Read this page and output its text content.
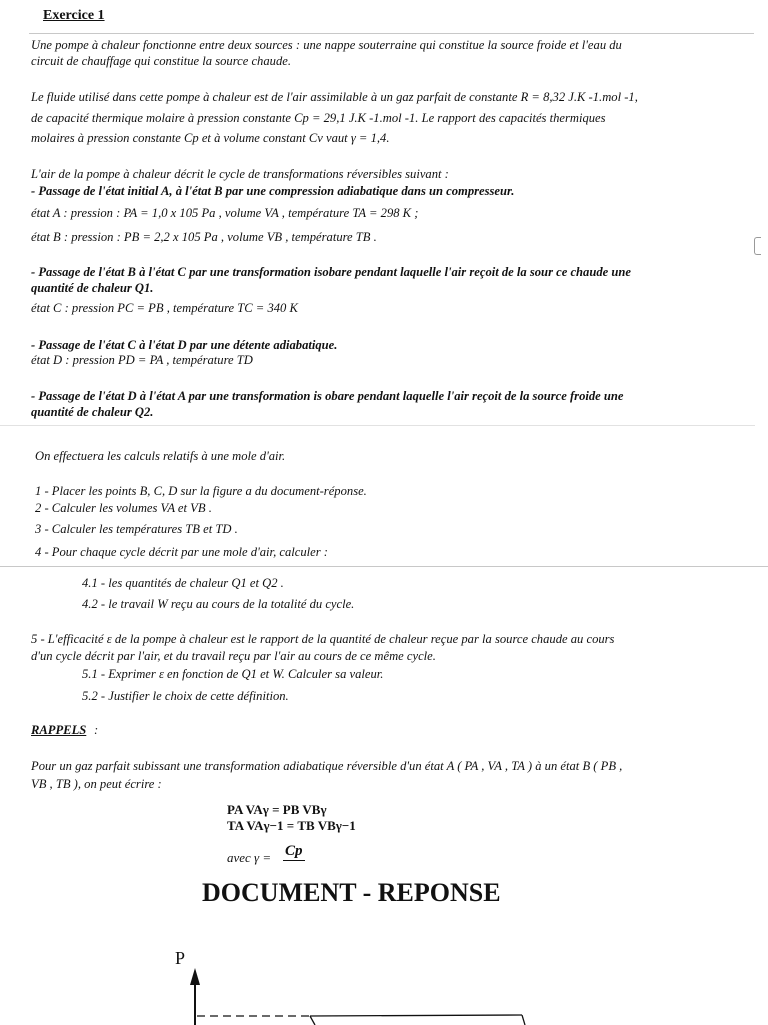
Exercice 1
Une pompe à chaleur fonctionne entre deux sources : une nappe souterraine qui constitue la source froide et l'eau du
circuit de chauffage qui constitue la source chaude.
Le fluide utilisé dans cette pompe à chaleur est de l'air assimilable à un gaz parfait de constante R = 8,32 J.K -1.mol -1,
de capacité thermique molaire à pression constante Cp = 29,1 J.K -1.mol -1. Le rapport des capacités thermiques
molaires à pression constante Cp et à volume constant Cv vaut γ = 1,4.
L'air de la pompe à chaleur décrit le cycle de transformations réversibles suivant :
- Passage de l'état initial A, à l'état B par une compression adiabatique dans un compresseur.
état A : pression : PA = 1,0 x 105 Pa , volume VA , température TA = 298 K ;
état B : pression : PB = 2,2 x 105 Pa , volume VB , température TB .
- Passage de l'état B à l'état C par une transformation isobare pendant laquelle l'air reçoit de la sour ce chaude une
quantité de chaleur Q1.
état C : pression PC = PB , température TC = 340 K
- Passage de l'état C à l'état D par une détente adiabatique.
état D : pression PD = PA , température TD
- Passage de l'état D à l'état A par une transformation is obare pendant laquelle l'air reçoit de la source froide une
quantité de chaleur Q2.
On effectuera les calculs relatifs à une mole d'air.
1 - Placer les points B, C, D sur la figure a du document-réponse.
2 - Calculer les volumes VA et VB .
3 - Calculer les températures TB et TD .
4 - Pour chaque cycle décrit par une mole d'air, calculer :
4.1 - les quantités de chaleur Q1 et Q2 .
4.2 - le travail W reçu au cours de la totalité du cycle.
5 - L'efficacité ε de la pompe à chaleur est le rapport de la quantité de chaleur reçue par la source chaude au cours
d'un cycle décrit par l'air, et du travail reçu par l'air au cours de ce même cycle.
5.1 - Exprimer ε en fonction de Q1 et W. Calculer sa valeur.
5.2 - Justifier le choix de cette définition.
RAPPELS :
Pour un gaz parfait subissant une transformation adiabatique réversible d'un état A ( PA , VA , TA ) à un état B ( PB ,
VB , TB ), on peut écrire :
PA VAγ = PB VBγ
TA VAγ−1 = TB VBγ−1
avec γ = Cp
DOCUMENT - REPONSE
P
